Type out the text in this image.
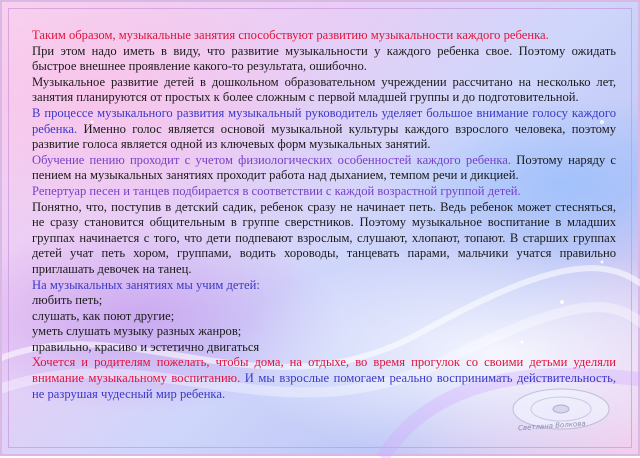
Таким образом, музыкальные занятия способствуют развитию музыкальности каждого ребенка.

При этом надо иметь в виду, что развитие музыкальности у каждого ребенка свое. Поэтому ожидать быстрое внешнее проявление какого-то результата, ошибочно.

Музыкальное развитие детей в дошкольном образовательном учреждении рассчитано на несколько лет, занятия планируются от простых к более сложным с первой младшей группы и до подготовительной.

В процессе музыкального развития музыкальный руководитель уделяет большое внимание голосу каждого ребенка. Именно голос является основой музыкальной культуры каждого взрослого человека, поэтому развитие голоса является одной из ключевых форм музыкальных занятий.

Обучение пению проходит с учетом физиологических особенностей каждого ребенка. Поэтому наряду с пением на музыкальных занятиях проходит работа над дыханием, темпом речи и дикцией.

Репертуар песен и танцев подбирается в соответствии с каждой возрастной группой детей.

Понятно, что, поступив в детский садик, ребенок сразу не начинает петь. Ведь ребенок может стесняться, не сразу становится общительным в группе сверстников. Поэтому музыкальное воспитание в младших группах начинается с того, что дети подпевают взрослым, слушают, хлопают, топают. В старших группах детей учат петь хором, группами, водить хороводы, танцевать парами, мальчики учатся правильно приглашать девочек на танец.

На музыкальных занятиях мы учим детей:

любить петь;

слушать, как поют другие;

уметь слушать музыку разных жанров;

правильно, красиво и эстетично двигаться

Хочется и родителям пожелать, чтобы дома, на отдыхе, во время прогулок со своими детьми уделяли внимание музыкальному воспитанию. И мы взрослые помогаем реально воспринимать действительность, не разрушая чудесный мир ребенка.

Светлана Волкова
